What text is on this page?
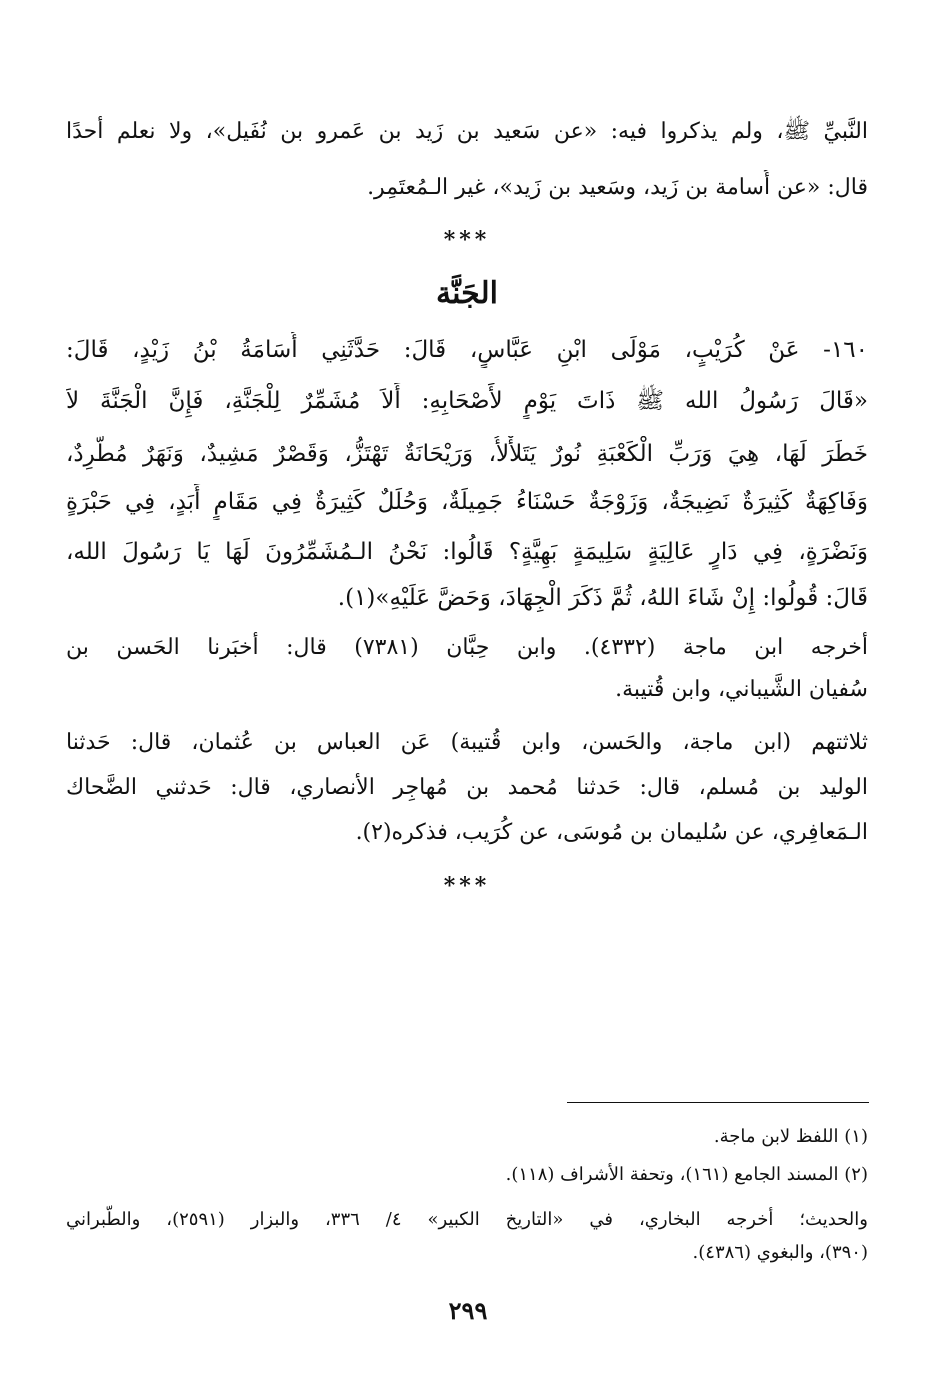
النَّبيِّ ﷺ، ولم يذكروا فيه: «عن سَعيد بن زَيد بن عَمرو بن نُفَيل»، ولا نعلم أحدًا

قال: «عن أُسامة بن زَيد، وسَعيد بن زَيد»، غير الـمُعتَمِر.

***

الجَنَّة

١٦٠- عَنْ كُرَيْبٍ، مَوْلَى ابْنِ عَبَّاسٍ، قَالَ: حَدَّثَنِي أُسَامَةُ بْنُ زَيْدٍ، قَالَ:

«قَالَ رَسُولُ الله ﷺ ذَاتَ يَوْمٍ لأَصْحَابِهِ: أَلاَ مُشَمِّرٌ لِلْجَنَّةِ، فَإِنَّ الْجَنَّةَ لاَ

خَطَرَ لَهَا، هِيَ وَرَبِّ الْكَعْبَةِ نُورٌ يَتَلأْلأُ، وَرَيْحَانَةٌ تَهْتَزُّ، وَقَصْرٌ مَشِيدٌ، وَنَهَرٌ مُطَّرِدٌ،

وَفَاكِهَةٌ كَثِيرَةٌ نَضِيجَةٌ، وَزَوْجَةٌ حَسْنَاءُ جَمِيلَةٌ، وَحُلَلٌ كَثِيرَةٌ فِي مَقَامٍ أَبَدٍ، فِي حَبْرَةٍ

وَنَضْرَةٍ، فِي دَارٍ عَالِيَةٍ سَلِيمَةٍ بَهِيَّةٍ؟ قَالُوا: نَحْنُ الـمُشَمِّرُونَ لَهَا يَا رَسُولَ الله،

قَالَ: قُولُوا: إِنْ شَاءَ اللهُ، ثُمَّ ذَكَرَ الْجِهَادَ، وَحَضَّ عَلَيْهِ»(١).

أخرجه ابن ماجة (٤٣٣٢). وابن حِبَّان (٧٣٨١) قال: أخبَرنا الحَسن بن

سُفيان الشَّيباني، وابن قُتيبة.

ثلاثتهم (ابن ماجة، والحَسن، وابن قُتيبة) عَن العباس بن عُثمان، قال: حَدثنا

الوليد بن مُسلم، قال: حَدثنا مُحمد بن مُهاجِر الأنصاري، قال: حَدثني الضَّحاك

الـمَعافِري، عن سُليمان بن مُوسَى، عن كُرَيب، فذكره(٢).

***

(١) اللفظ لابن ماجة.

(٢) المسند الجامع (١٦١)، وتحفة الأشراف (١١٨).

والحديث؛ أخرجه البخاري، في «التاريخ الكبير» ٤/ ٣٣٦، والبزار (٢٥٩١)، والطَّبراني

(٣٩٠)، والبغوي (٤٣٨٦).

٢٩٩
